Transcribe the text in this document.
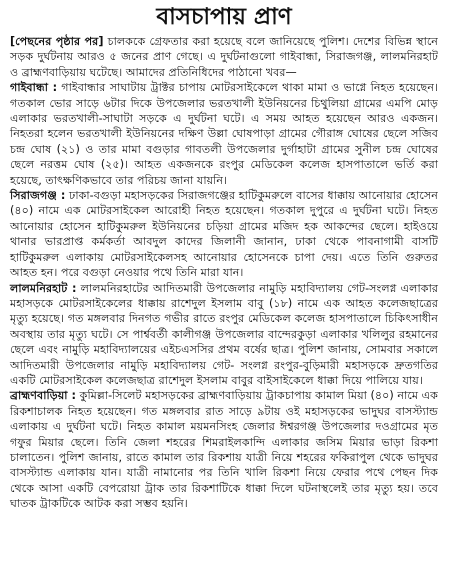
বাসচাপায় প্রাণ

[পেছনের পৃষ্ঠার পর] চালককে গ্রেফতার করা হয়েছে বলে জানিয়েছে পুলিশ। দেশের বিভিন্ন স্থানে সড়ক দুর্ঘটনায় আরও ৫ জনের প্রাণ গেছে। এ দুর্ঘটনাগুলো গাইবান্ধা, সিরাজগঞ্জ, লালমনিরহাট ও ব্রাহ্মণবাড়িয়ায় ঘটেছে। আমাদের প্রতিনিধিদের পাঠানো খবর—

গাইবান্ধা : গাইবান্ধার সাঘাটায় ট্রাক্টর চাপায় মোটরসাইকেলে থাকা মামা ও ভাগ্নে নিহত হয়েছেন। গতকাল ভোর সাড়ে ৬টার দিকে উপজেলার ভরতখালী ইউনিয়নের চিথুলিয়া গ্রামের এমপি মোড় এলাকার ভরতখালী-সাঘাটা সড়কে এ দুর্ঘটনা ঘটে। এ সময় আহত হয়েছেন আরও একজন। নিহতরা হলেন ভরতখালী ইউনিয়নের দক্ষিণ উল্লা ঘোষপাড়া গ্রামের গৌরাঙ্গ ঘোষের ছেলে সজিব চন্দ্র ঘোষ (২১) ও তার মামা বগুড়ার গাবতলী উপজেলার দুর্গাহাটা গ্রামের সুনীল চন্দ্র ঘোষের ছেলে নরত্তম ঘোষ (২৫)। আহত একজনকে রংপুর মেডিকেল কলেজ হাসপাতালে ভর্তি করা হয়েছে, তাৎক্ষণিকভাবে তার পরিচয় জানা যায়নি।

সিরাজগঞ্জ : ঢাকা-বগুড়া মহাসড়কের সিরাজগঞ্জের হাটিকুমরুলে বাসের ধাক্কায় আনোয়ার হোসেন (৪০) নামে এক মোটরসাইকেল আরোহী নিহত হয়েছেন। গতকাল দুপুরে এ দুর্ঘটনা ঘটে। নিহত আনোয়ার হোসেন হাটিকুমরুল ইউনিয়নের চড়িয়া গ্রামের মজিদ হক আকন্দের ছেলে। হাইওয়ে থানার ভারপ্রাপ্ত কর্মকর্তা আবদুল কাদের জিলানী জানান, ঢাকা থেকে পাবনাগামী বাসটি হাটিকুমরুল এলাকায় মোটরসাইকেলসহ আনোয়ার হোসেনকে চাপা দেয়। এতে তিনি গুরুতর আহত হন। পরে বগুড়া নেওয়ার পথে তিনি মারা যান।

লালমনিরহাট : লালমনিরহাটের আদিতমারী উপজেলার নামুড়ি মহাবিদ্যালয় গেট-সংলগ্ন এলাকার মহাসড়কে মোটরসাইকেলের ধাক্কায় রাশেদুল ইসলাম বাবু (১৮) নামে এক আহত কলেজছাত্রের মৃত্যু হয়েছে। গত মঙ্গলবার দিনগত গভীর রাতে রংপুর মেডিকেল কলেজ হাসপাতালে চিকিৎসাধীন অবস্থায় তার মৃত্যু ঘটে। সে পার্শ্ববর্তী কালীগঞ্জ উপজেলার বান্দেরকুড়া এলাকার খলিলুর রহমানের ছেলে এবং নামুড়ি মহাবিদ্যালয়ের এইচএসসির প্রথম বর্ষের ছাত্র। পুলিশ জানায়, সোমবার সকালে আদিতমারী উপজেলার নামুড়ি মহাবিদ্যালয় গেট- সংলগ্ন রংপুর-বুড়িমারী মহাসড়কে দ্রুতগতির একটি মোটরসাইকেল কলেজছাত্র রাশেদুল ইসলাম বাবুর বাইসাইকেলে ধাক্কা দিয়ে পালিয়ে যায়।

ব্রাহ্মণবাড়িয়া : কুমিল্লা-সিলেট মহাসড়কের ব্রাহ্মণবাড়িয়ায় ট্রাকচাপায় কামাল মিয়া (৪০) নামে এক রিকশাচালক নিহত হয়েছেন। গত মঙ্গলবার রাত সাড়ে ৯টায় ওই মহাসড়কের ভাদুঘর বাসস্ট্যান্ড এলাকায় এ দুর্ঘটনা ঘটে। নিহত কামাল ময়মনসিংহ জেলার ঈশ্বরগঞ্জ উপজেলার দওগ্রামের মৃত গফুর মিয়ার ছেলে। তিনি জেলা শহরের শিমরাইলকান্দি এলাকার জসিম মিয়ার ভাড়া রিকশা চালাতেন। পুলিশ জানায়, রাতে কামাল তার রিকশায় যাত্রী নিয়ে শহরের ফকিরাপুল থেকে ভাদুঘর বাসস্ট্যান্ড এলাকায় যান। যাত্রী নামানোর পর তিনি খালি রিকশা নিয়ে ফেরার পথে পেছন দিক থেকে আসা একটি বেপরোয়া ট্রাক তার রিকশাটিকে ধাক্কা দিলে ঘটনাস্থলেই তার মৃত্যু হয়। তবে ঘাতক ট্রাকটিকে আটক করা সম্ভব হয়নি।
